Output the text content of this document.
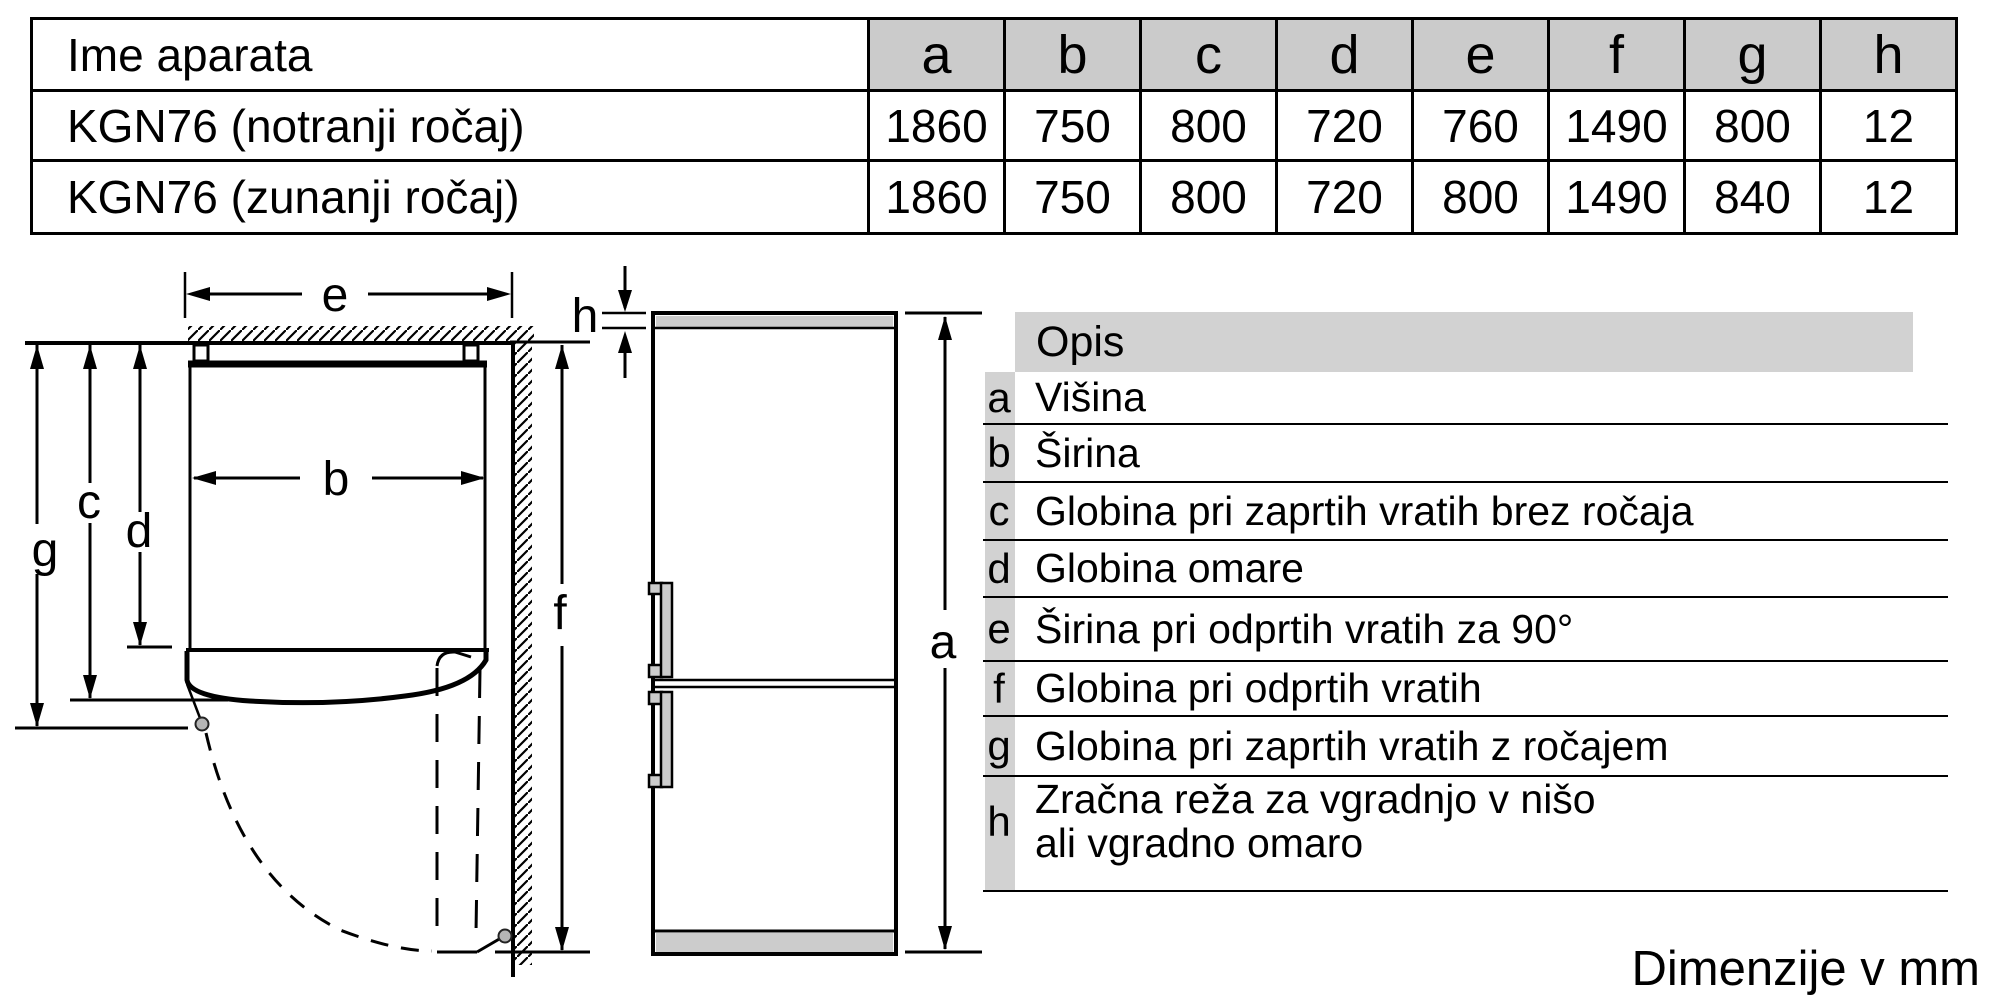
Ime aparata	a	b	c	d	e	f	g	h
KGN76 (notranji ročaj)	1860	750	800	720	760	1490	800	12
KGN76 (zunanji ročaj)	1860	750	800	720	800	1490	840	12
e
b
g
c
d
f
h
a
Opis
a Višina
b Širina
c Globina pri zaprtih vratih brez ročaja
d Globina omare
e Širina pri odprtih vratih za 90°
f Globina pri odprtih vratih
g Globina pri zaprtih vratih z ročajem
h Zračna reža za vgradnjo v nišo
ali vgradno omaro
Dimenzije v mm
